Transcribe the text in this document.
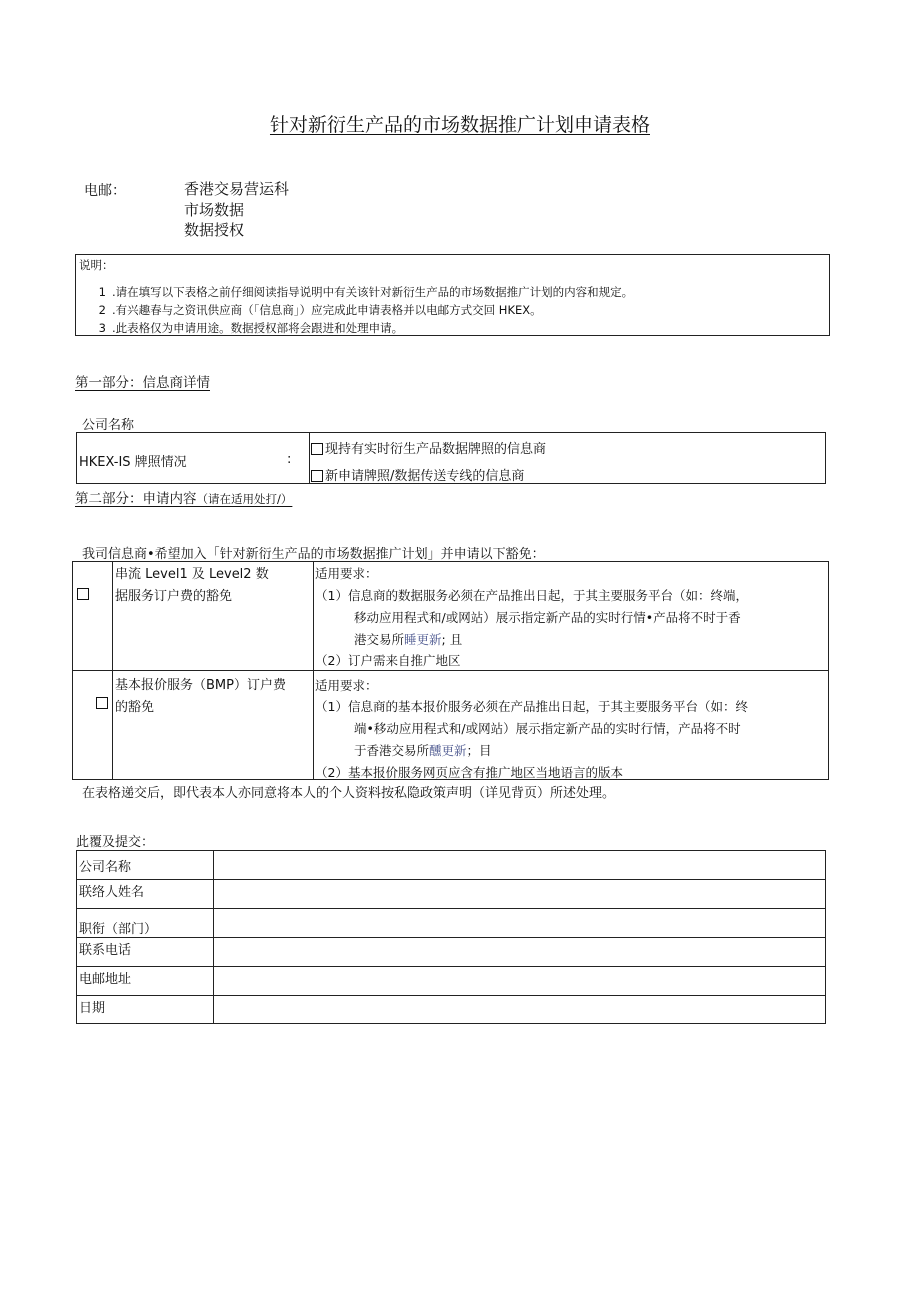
针对新衍生产品的市场数据推广计划申请表格
电邮：	香港交易营运科
市场数据
数据授权
说明：
1 .请在填写以下表格之前仔细阅读指导说明中有关该针对新衍生产品的市场数据推广计划的内容和规定。
2 .有兴趣春与之资讯供应商（「信息商」）应完成此申请表格并以电邮方式交回 HKEX。
3 .此表格仅为申请用途。数据授权部将会跟进和处理申请。
第一部分：信息商详情
公司名称
HKEX-IS 牌照情况	:
现持有实时衍生产品数据牌照的信息商
新申请牌照/数据传送专线的信息商
第二部分：申请内容（请在适用处打/）
我司信息商•希望加入「针对新衍生产品的市场数据推广计划」并申请以下豁免：

串流 Level1 及 Level2 数
据服务订户费的豁免
适用要求：
（1）信息商的数据服务必须在产品推出日起，于其主要服务平台（如：终端，
移动应用程式和/或网站）展示指定新产品的实时行情•产品将不时于香
港交易所睡更新; 且
（2）订户需来自推广地区
基本报价服务（BMP）订户费
的豁免
适用要求：
（1）信息商的基本报价服务必须在产品推出日起，于其主要服务平台（如：终
端•移动应用程式和/或网站）展示指定新产品的实时行情，产品将不时
于香港交易所醺更新；目
（2）基本报价服务网页应含有推广地区当地语言的版本
在表格递交后，即代表本人亦同意将本人的个人资料按私隐政策声明（详见背页）所述处理。
此覆及提交：
公司名称
联络人姓名
职衔（部门）
联系电话
电邮地址
日期
